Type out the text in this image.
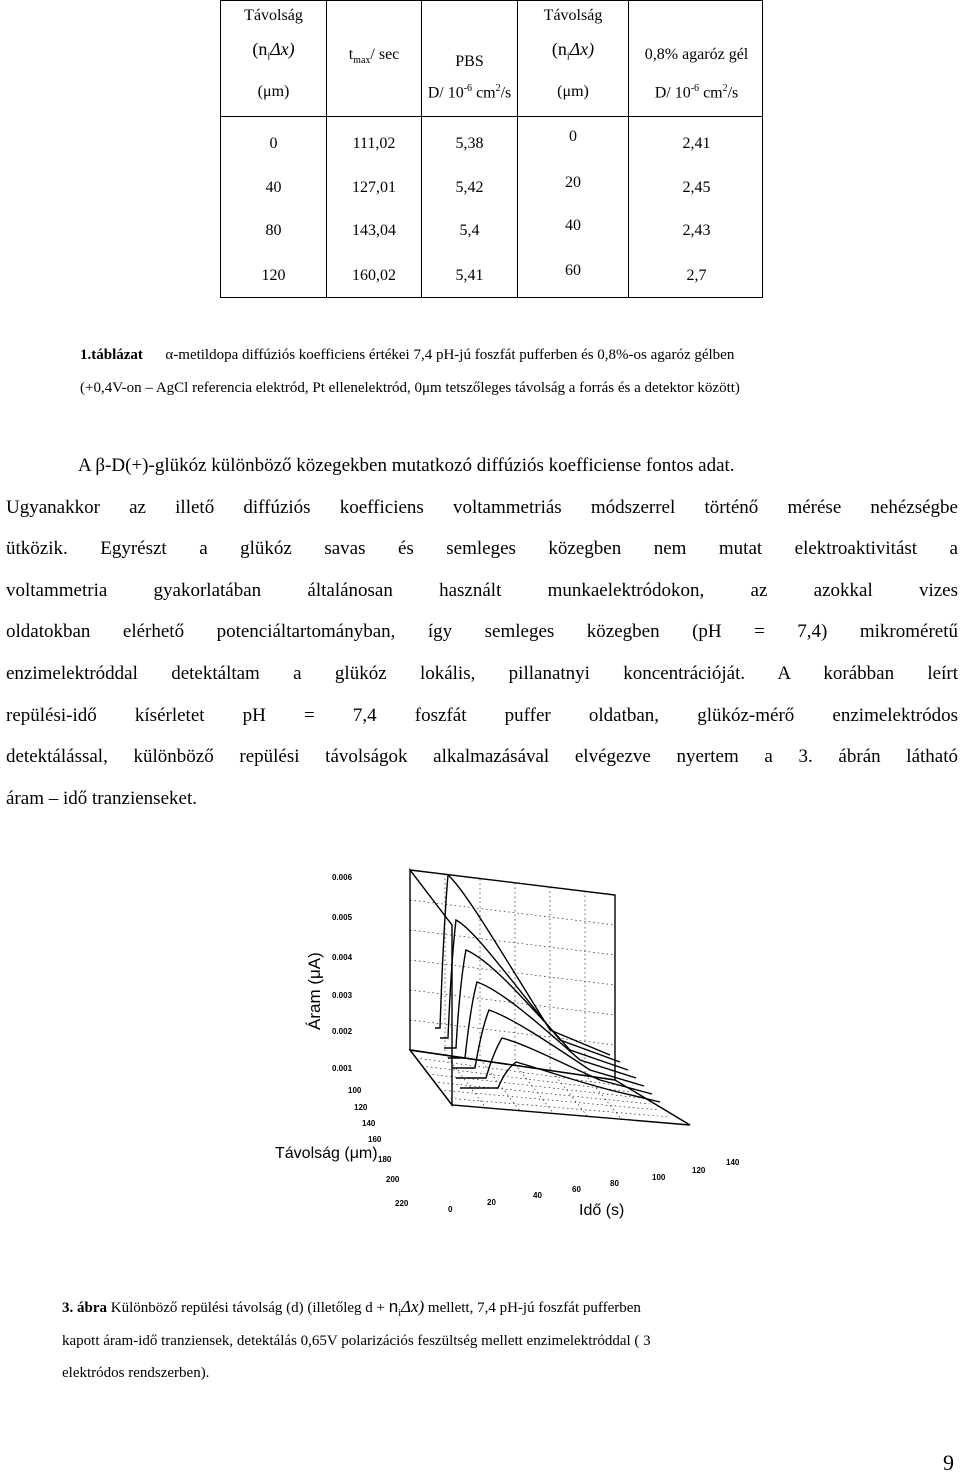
Távolság
$(n_i\Delta x)$
(μm)
$t_{max}/$ sec	PBS
D/ $10^{-6}$ $cm^2/s$
Távolság
$(n_i\Delta x)$
(μm)
0,8% agaróz gél
D/ $10^{-6}$ $cm^2/s$
0
40
80
120
111,02
127,01
143,04
160,02
5,38
5,42
5,4
5,41
0
20
40
60
2,41
2,45
2,43
2,7
1.táblázat α-metildopa diffúziós koefficiens értékei 7,4 pH-jú foszfát pufferben és 0,8%-os agaróz gélben
(+0,4V-on – AgCl referencia elektród, Pt ellenelektród, 0μm tetszőleges távolság a forrás és a detektor között)
A β-D(+)-glükóz különböző közegekben mutatkozó diffúziós koefficiense fontos adat.
Ugyanakkor az illető diffúziós koefficiens voltammetriás módszerrel történő mérése nehézségbe
ütközik. Egyrészt a glükóz savas és semleges közegben nem mutat elektroaktivitást a
voltammetria gyakorlatában általánosan használt munkaelektródokon, az azokkal vizes
oldatokban elérhető potenciáltartományban, így semleges közegben (pH = 7,4) mikroméretű
enzimelektróddal detektáltam a glükóz lokális, pillanatnyi koncentrációját. A korábban leírt
repülési-idő kísérletet pH = 7,4 foszfát puffer oldatban, glükóz-mérő enzimelektródos
detektálással, különböző repülési távolságok alkalmazásával elvégezve nyertem a 3. ábrán látható
áram – idő tranzienseket.
0.006
0.005
0.004
0.003
0.002
0.001
100
120
140
160
180
200
220
0
20
40
60
80
100
120
140
Áram (μA)
Idő (s)
Távolság (μm)
3. ábra Különböző repülési távolság (d) (illetőleg $d + n_i\Delta x$) mellett, 7,4 pH-jú foszfát pufferben
kapott áram-idő tranziensek, detektálás 0,65V polarizációs feszültség mellett enzimelektróddal ( 3
elektródos rendszerben).
9
